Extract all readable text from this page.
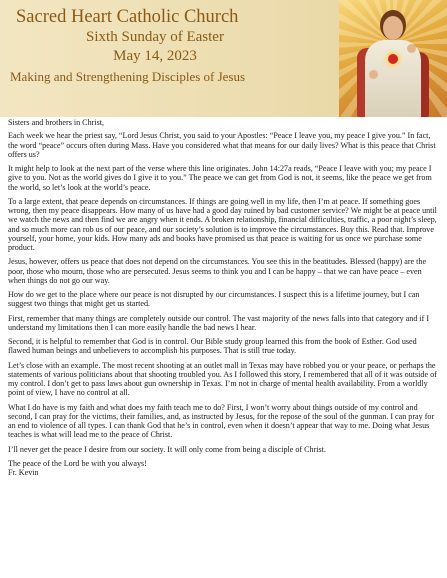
Sacred Heart Catholic Church
Sixth Sunday of Easter
May 14, 2023
Making and Strengthening Disciples of Jesus

Sisters and brothers in Christ,

Each week we hear the priest say, “Lord Jesus Christ, you said to your Apostles: “Peace I leave you, my peace I give you.” In fact, the word “peace” occurs often during Mass. Have you considered what that means for our daily lives? What is this peace that Christ offers us?

It might help to look at the next part of the verse where this line originates. John 14:27a reads, “Peace I leave with you; my peace I give to you. Not as the world gives do I give it to you.” The peace we can get from God is not, it seems, like the peace we get from the world, so let’s look at the world’s peace.

To a large extent, that peace depends on circumstances. If things are going well in my life, then I’m at peace. If something goes wrong, then my peace disappears. How many of us have had a good day ruined by bad customer service? We might be at peace until we watch the news and then find we are angry when it ends. A broken relationship, financial difficulties, traffic, a poor night’s sleep, and so much more can rob us of our peace, and our society’s solution is to improve the circumstances. Buy this. Read that. Improve yourself, your home, your kids. How many ads and books have promised us that peace is waiting for us once we purchase some product.

Jesus, however, offers us peace that does not depend on the circumstances. You see this in the beatitudes. Blessed (happy) are the poor, those who mourn, those who are persecuted. Jesus seems to think you and I can be happy – that we can have peace – even when things do not go our way.

How do we get to the place where our peace is not disrupted by our circumstances. I suspect this is a lifetime journey, but I can suggest two things that might get us started.

First, remember that many things are completely outside our control. The vast majority of the news falls into that category and if I understand my limitations then I can more easily handle the bad news I hear.

Second, it is helpful to remember that God is in control. Our Bible study group learned this from the book of Esther. God used flawed human beings and unbelievers to accomplish his purposes. That is still true today.

Let’s close with an example. The most recent shooting at an outlet mall in Texas may have robbed you or your peace, or perhaps the statements of various politicians about that shooting troubled you. As I followed this story, I remembered that all of it was outside of my control. I don’t get to pass laws about gun ownership in Texas. I’m not in charge of mental health availability. From a worldly point of view, I have no control at all.

What I do have is my faith and what does my faith teach me to do? First, I won’t worry about things outside of my control and second, I can pray for the victims, their families, and, as instructed by Jesus, for the repose of the soul of the gunman. I can pray for an end to violence of all types. I can thank God that he’s in control, even when it doesn’t appear that way to me. Doing what Jesus teaches is what will lead me to the peace of Christ.

I’ll never get the peace I desire from our society. It will only come from being a disciple of Christ.

The peace of the Lord be with you always!

Fr. Kevin
